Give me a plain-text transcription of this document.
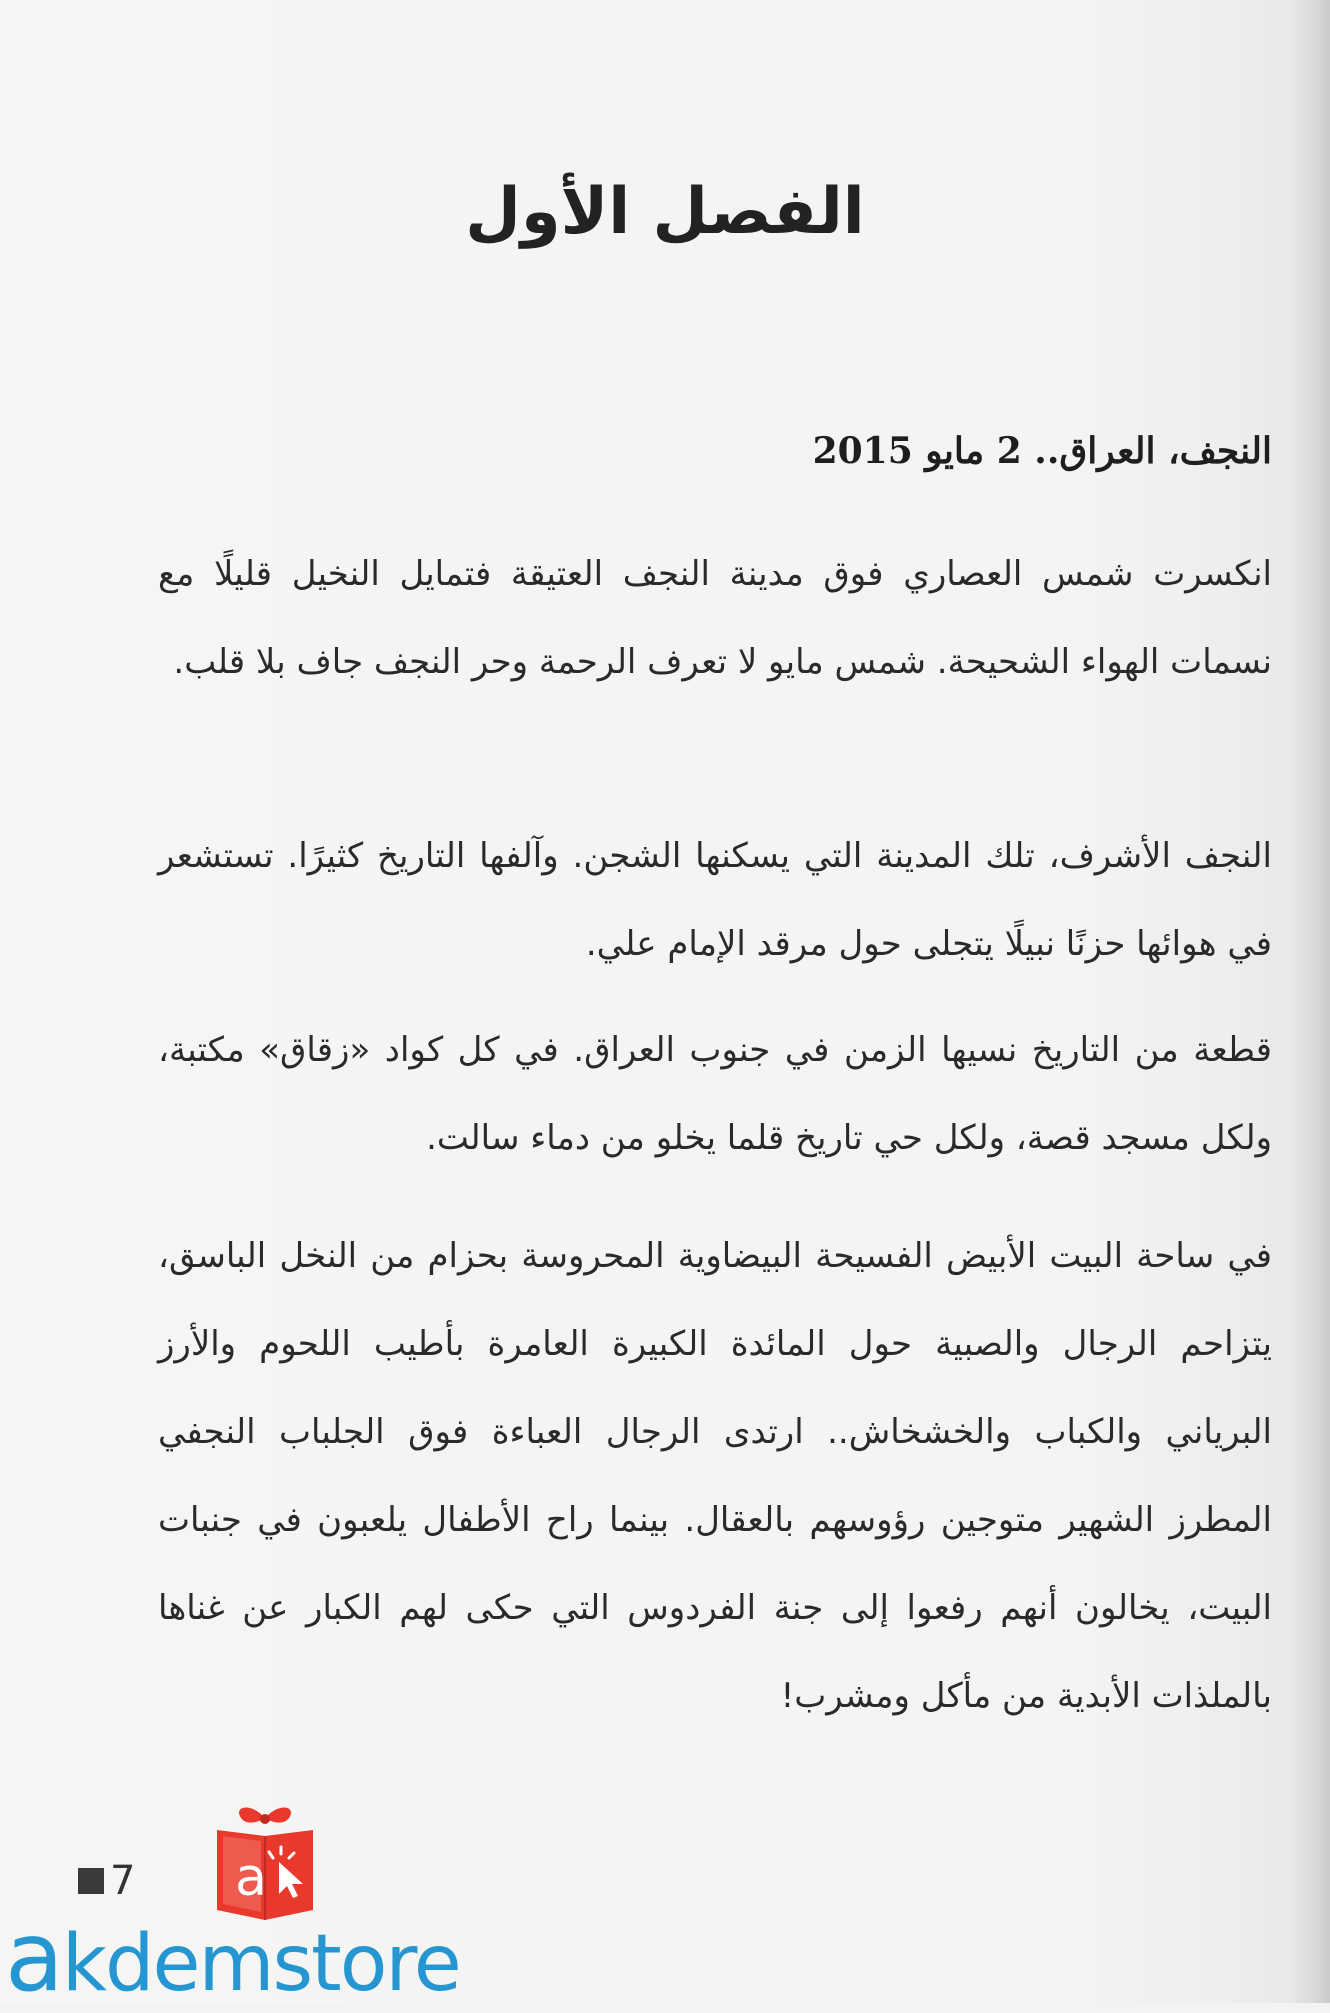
الفصل الأول
النجف، العراق.. 2 مايو 2015

انكسرت شمس العصاري فوق مدينة النجف العتيقة فتمايل النخيل قليلًا مع نسمات الهواء الشحيحة. شمس مايو لا تعرف الرحمة وحر النجف جاف بلا قلب.

النجف الأشرف، تلك المدينة التي يسكنها الشجن. وآلفها التاريخ كثيرًا. تستشعر في هوائها حزنًا نبيلًا يتجلى حول مرقد الإمام علي.

قطعة من التاريخ نسيها الزمن في جنوب العراق. في كل كواد «زقاق» مكتبة، ولكل مسجد قصة، ولكل حي تاريخ قلما يخلو من دماء سالت.

في ساحة البيت الأبيض الفسيحة البيضاوية المحروسة بحزام من النخل الباسق، يتزاحم الرجال والصبية حول المائدة الكبيرة العامرة بأطيب اللحوم والأرز البرياني والكباب والخشخاش.. ارتدى الرجال العباءة فوق الجلباب النجفي المطرز الشهير متوجين رؤوسهم بالعقال. بينما راح الأطفال يلعبون في جنبات البيت، يخالون أنهم رفعوا إلى جنة الفردوس التي حكى لهم الكبار عن غناها بالملذات الأبدية من مأكل ومشرب!

7 a
akdemstore
